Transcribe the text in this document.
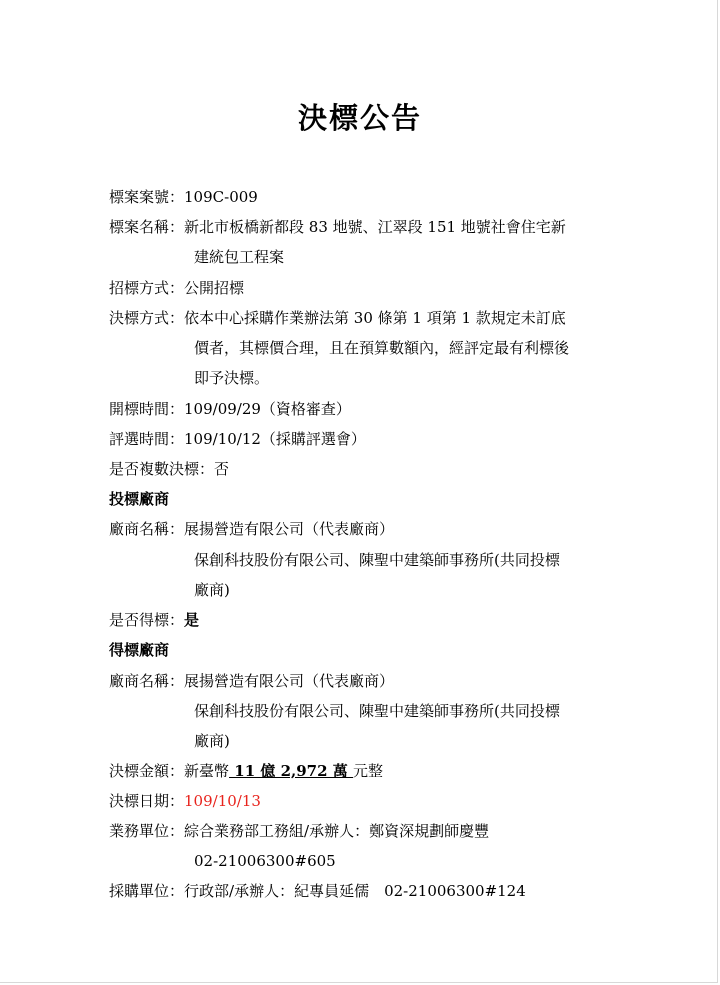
決標公告
標案案號：109C-009
標案名稱：新北市板橋新都段 83 地號、江翠段 151 地號社會住宅新
建統包工程案
招標方式：公開招標
決標方式：依本中心採購作業辦法第 30 條第 1 項第 1 款規定未訂底
價者，其標價合理，且在預算數額內，經評定最有利標後
即予決標。
開標時間：109/09/29（資格審查）
評選時間：109/10/12（採購評選會）
是否複數決標：否
投標廠商
廠商名稱：展揚營造有限公司（代表廠商）
保創科技股份有限公司、陳聖中建築師事務所(共同投標
廠商)
是否得標：是
得標廠商
廠商名稱：展揚營造有限公司（代表廠商）
保創科技股份有限公司、陳聖中建築師事務所(共同投標
廠商)
決標金額：新臺幣 11 億 2,972 萬 元整
決標日期：109/10/13
業務單位：綜合業務部工務組/承辦人：鄭資深規劃師慶豐
02-21006300#605
採購單位：行政部/承辦人：紀專員延儒　02-21006300#124
